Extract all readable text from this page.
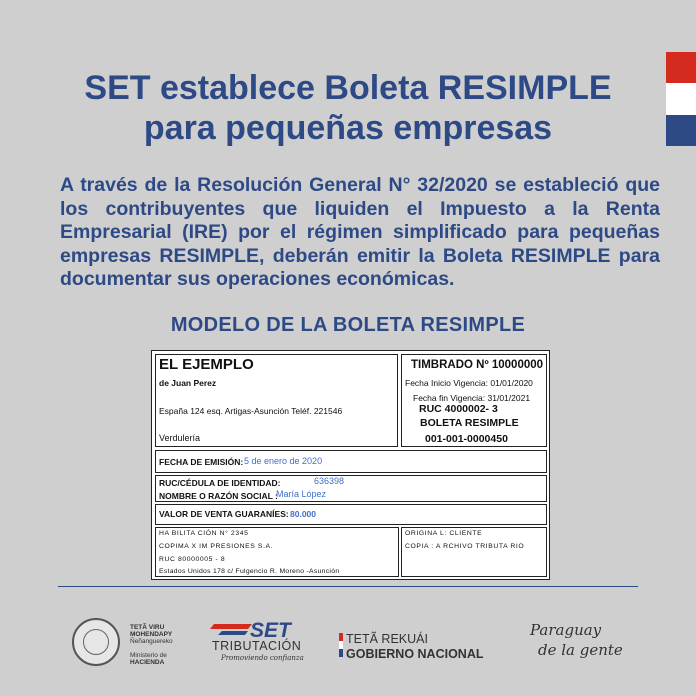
SET establece Boleta RESIMPLE
para pequeñas empresas

A través de la Resolución General N° 32/2020 se estableció que los contribuyentes que liquiden el Impuesto a la Renta Empresarial (IRE) por el régimen simplificado para pequeñas empresas RESIMPLE, deberán emitir la Boleta RESIMPLE para documentar sus operaciones económicas.

MODELO DE LA BOLETA RESIMPLE
EL EJEMPLO
de Juan Perez
España 124 esq. Artigas-Asunción Teléf. 221546
Verdulería
TIMBRADO Nº 10000000
Fecha Inicio Vigencia: 01/01/2020
Fecha fin Vigencia: 31/01/2021
RUC 4000002- 3
BOLETA RESIMPLE
001-001-0000450
FECHA DE EMISIÓN: 5 de enero de 2020
RUC/CÉDULA DE IDENTIDAD:	636398
NOMBRE O RAZÓN SOCIAL :
María López
VALOR DE VENTA GUARANÍES: 80.000
HA BILITA CIÓN N° 2345
COPIMA X IM PRESIONES S.A.
RUC 80000005 - 8
Estados Unidos 178 c/ Fulgencio R. Moreno -Asunción
ORIGINA L: CLIENTE
COPIA : A RCHIVO TRIBUTA RIO
TETÃ VIRU
MOHENDAPY
Ñeñanguereko
Ministerio de
HACIENDA
SET
TRIBUTACIÓN
Promoviendo confianza
TETÃ REKUÁI
GOBIERNO NACIONAL
Paraguay
de la gente
